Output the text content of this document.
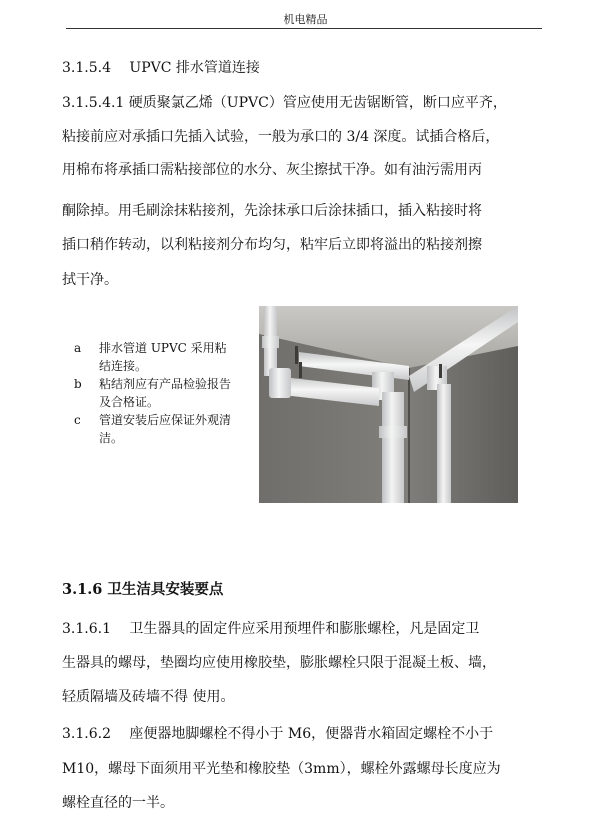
机电精品
3.1.5.4　 UPVC 排水管道连接
3.1.5.4.1 硬质聚氯乙烯（UPVC）管应使用无齿锯断管，断口应平齐，
粘接前应对承插口先插入试验，一般为承口的 3/4 深度。试插合格后，
用棉布将承插口需粘接部位的水分、灰尘擦拭干净。如有油污需用丙
酮除掉。用毛刷涂抹粘接剂，先涂抹承口后涂抹插口，插入粘接时将
插口稍作转动，以利粘接剂分布均匀，粘牢后立即将溢出的粘接剂擦
拭干净。
a	排水管道 UPVC 采用粘结连接。
b	粘结剂应有产品检验报告及合格证。
c	管道安装后应保证外观清洁。
3.1.6 卫生洁具安装要点
3.1.6.1　 卫生器具的固定件应采用预埋件和膨胀螺栓，凡是固定卫
生器具的螺母，垫圈均应使用橡胶垫，膨胀螺栓只限于混凝土板、墙，
轻质隔墙及砖墙不得 使用。
3.1.6.2　 座便器地脚螺栓不得小于 M6，便器背水箱固定螺栓不小于
M10，螺母下面须用平光垫和橡胶垫（3mm），螺栓外露螺母长度应为
螺栓直径的一半。
